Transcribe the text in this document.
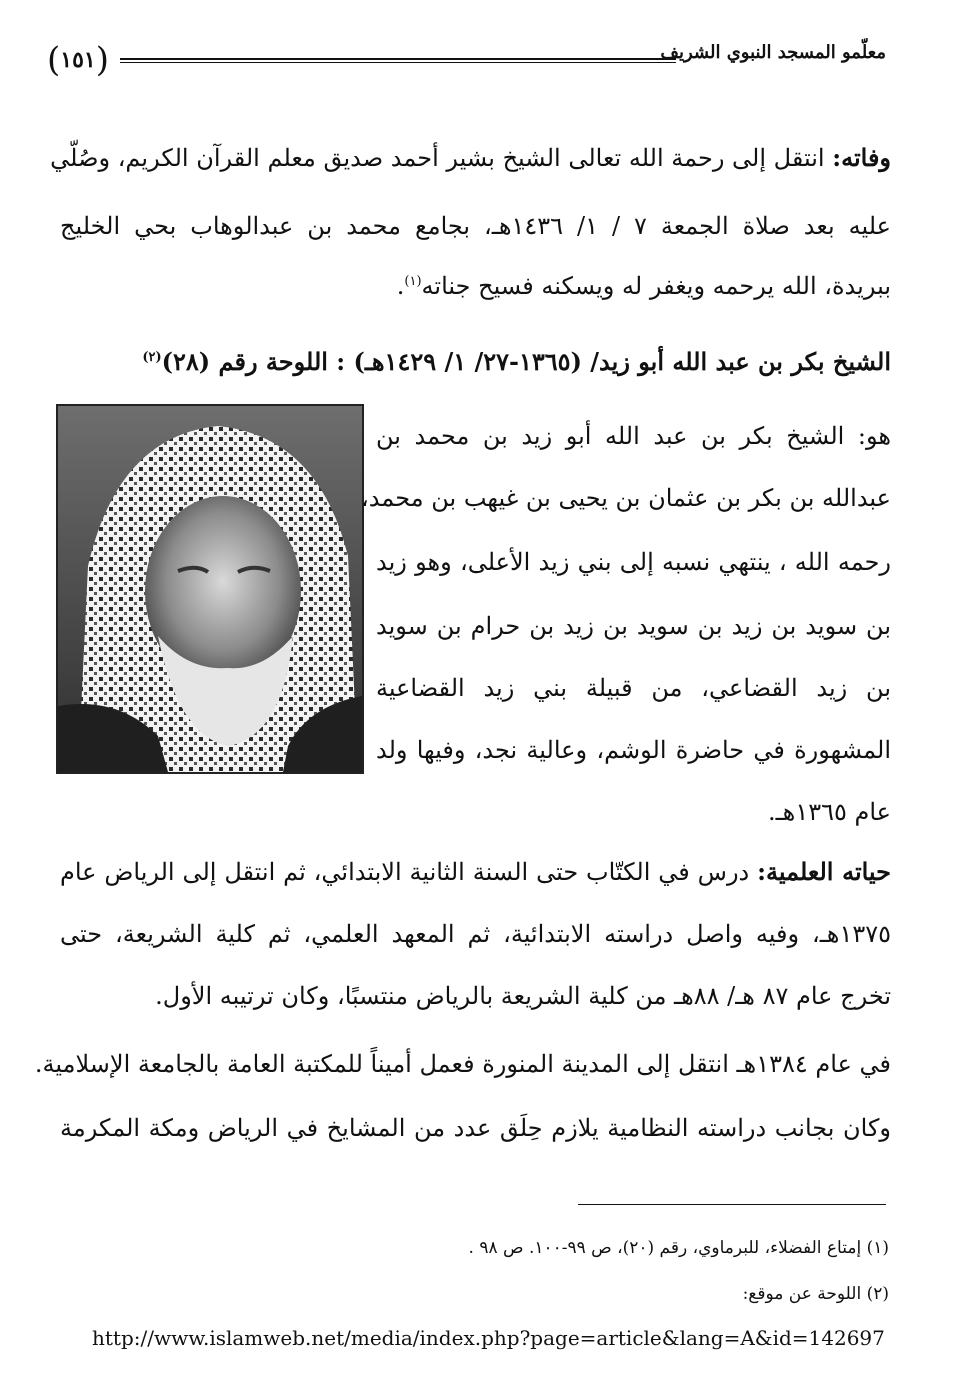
( ١٥١ )	معلّمو المسجد النبوي الشريف
وفاته: انتقل إلى رحمة الله تعالى الشيخ بشير أحمد صديق معلم القرآن الكريم، وصُلّي
عليه بعد صلاة الجمعة ٧ / ١/ ١٤٣٦هـ، بجامع محمد بن عبدالوهاب بحي الخليج
ببريدة، الله يرحمه ويغفر له ويسكنه فسيح جناته$^{(١)}$.
الشيخ بكر بن عبد الله أبو زيد/ (١٣٦٥-٢٧/ ١/ ١٤٢٩هـ) : اللوحة رقم (٢٨)$^{(٢)}$
هو: الشيخ بكر بن عبد الله أبو زيد بن محمد بن
عبدالله بن بكر بن عثمان بن يحيى بن غيهب بن محمد،
رحمه الله ، ينتهي نسبه إلى بني زيد الأعلى، وهو زيد
بن سويد بن زيد بن سويد بن زيد بن حرام بن سويد
بن زيد القضاعي، من قبيلة بني زيد القضاعية
المشهورة في حاضرة الوشم، وعالية نجد، وفيها ولد
عام ١٣٦٥هـ.
حياته العلمية: درس في الكتّاب حتى السنة الثانية الابتدائي، ثم انتقل إلى الرياض عام
١٣٧٥هـ، وفيه واصل دراسته الابتدائية، ثم المعهد العلمي، ثم كلية الشريعة، حتى
تخرج عام ٨٧ هـ/ ٨٨هـ من كلية الشريعة بالرياض منتسبًا، وكان ترتيبه الأول.
في عام ١٣٨٤هـ انتقل إلى المدينة المنورة فعمل أميناً للمكتبة العامة بالجامعة الإسلامية.
وكان بجانب دراسته النظامية يلازم حِلَق عدد من المشايخ في الرياض ومكة المكرمة
(١) إمتاع الفضلاء، للبرماوي، رقم (٢٠)، ص ٩٩-١٠٠. ص ٩٨ .
(٢) اللوحة عن موقع:
http://www.islamweb.net/media/index.php?page=article&lang=A&id=142697
